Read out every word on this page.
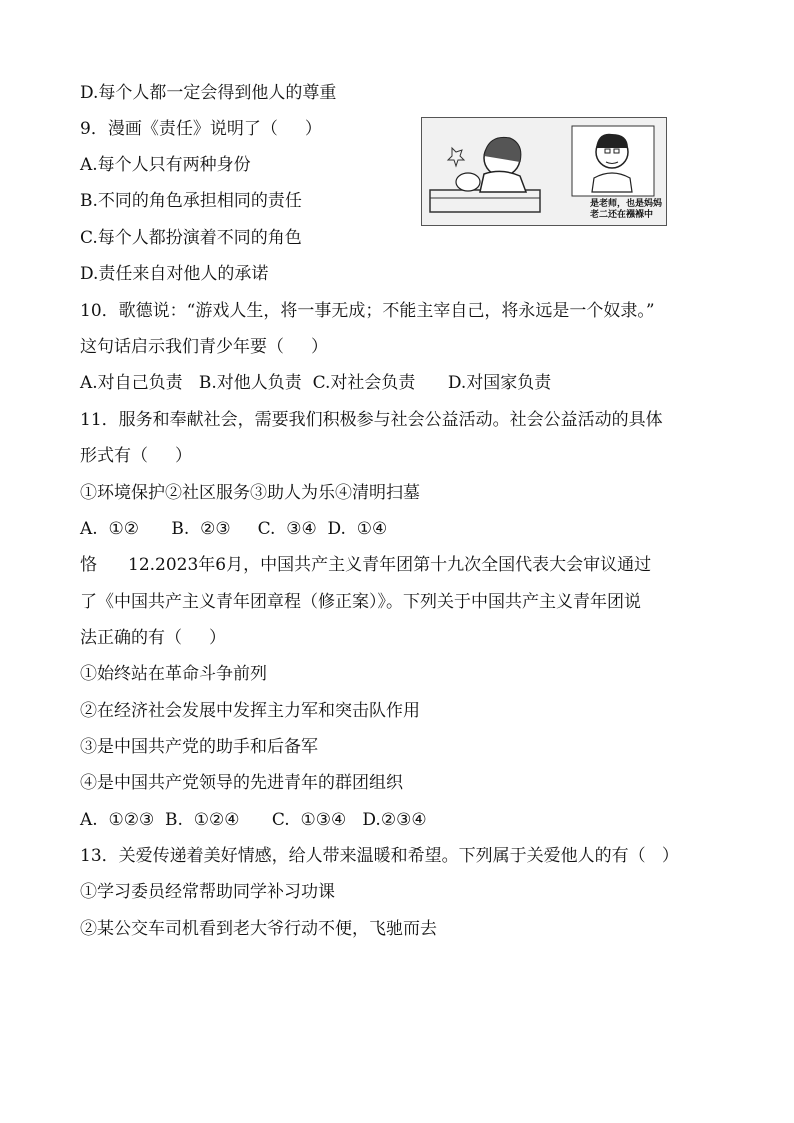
D.每个人都一定会得到他人的尊重
9．漫画《责任》说明了（     ）
A.每个人只有两种身份
B.不同的角色承担相同的责任
C.每个人都扮演着不同的角色
D.责任来自对他人的承诺
是老师，也是妈妈
老二还在襁褓中
10．歌德说：“游戏人生，将一事无成；不能主宰自己，将永远是一个奴隶。”
这句话启示我们青少年要（     ）
A.对自己负责   B.对他人负责  C.对社会负责      D.对国家负责
11．服务和奉献社会，需要我们积极参与社会公益活动。社会公益活动的具体
形式有（     ）
①环境保护②社区服务③助人为乐④清明扫墓
A.  ①②      B.  ②③     C.  ③④  D.  ①④
恪 12.2023年6月，中国共产主义青年团第十九次全国代表大会审议通过
了《中国共产主义青年团章程（修正案）》。下列关于中国共产主义青年团说
法正确的有（     ）
①始终站在革命斗争前列
②在经济社会发展中发挥主力军和突击队作用
③是中国共产党的助手和后备军
④是中国共产党领导的先进青年的群团组织
A.  ①②③  B.  ①②④      C.  ①③④   D.②③④
13．关爱传递着美好情感，给人带来温暖和希望。下列属于关爱他人的有（   ）
①学习委员经常帮助同学补习功课
②某公交车司机看到老大爷行动不便，飞驰而去
